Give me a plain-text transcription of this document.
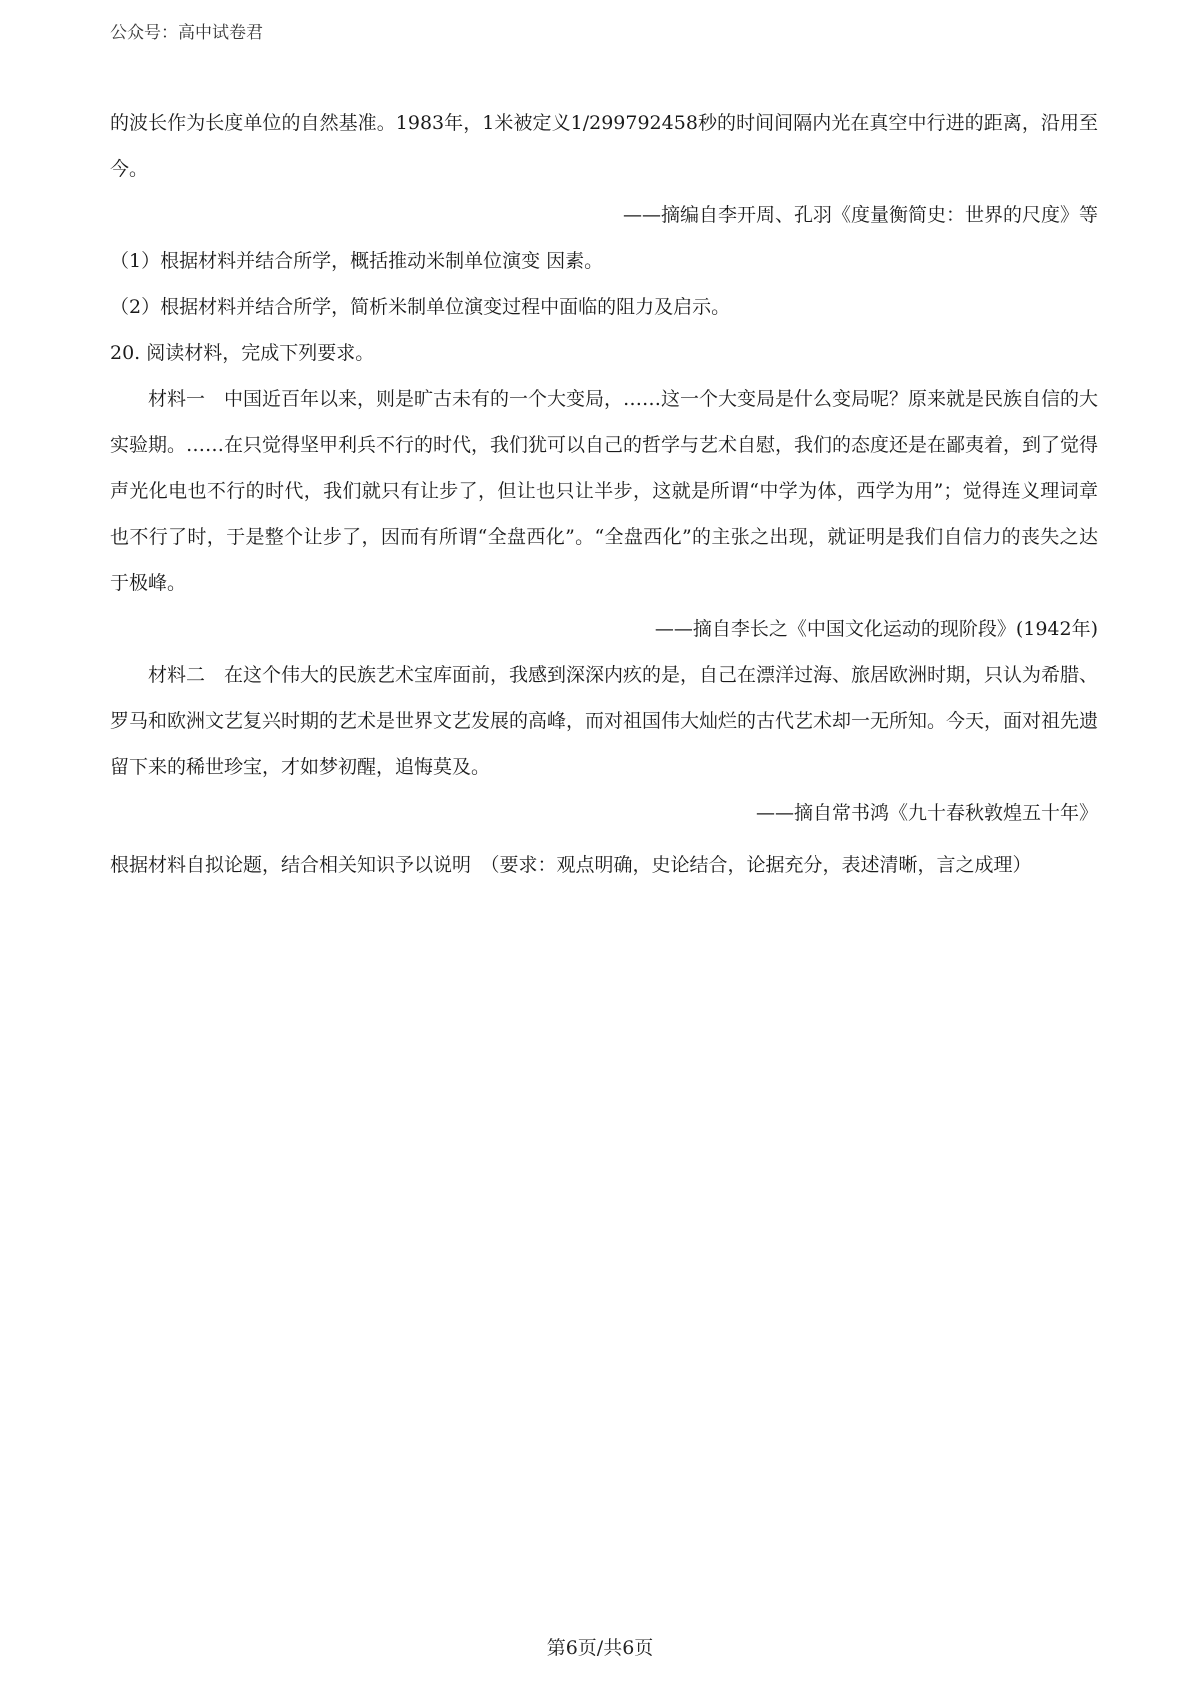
公众号：高中试卷君

的波长作为长度单位的自然基准。1983年，1米被定义1/299792458秒的时间间隔内光在真空中行进的距离，沿用至今。

——摘编自李开周、孔羽《度量衡简史：世界的尺度》等

（1）根据材料并结合所学，概括推动米制单位演变 因素。

（2）根据材料并结合所学，简析米制单位演变过程中面临的阻力及启示。

20. 阅读材料，完成下列要求。

材料一　中国近百年以来，则是旷古未有的一个大变局，……这一个大变局是什么变局呢？原来就是民族自信的大实验期。……在只觉得坚甲利兵不行的时代，我们犹可以自己的哲学与艺术自慰，我们的态度还是在鄙夷着，到了觉得声光化电也不行的时代，我们就只有让步了，但让也只让半步，这就是所谓“中学为体，西学为用”；觉得连义理词章也不行了时，于是整个让步了，因而有所谓“全盘西化”。“全盘西化”的主张之出现，就证明是我们自信力的丧失之达于极峰。

——摘自李长之《中国文化运动的现阶段》(1942年)

材料二　在这个伟大的民族艺术宝库面前，我感到深深内疚的是，自己在漂洋过海、旅居欧洲时期，只认为希腊、罗马和欧洲文艺复兴时期的艺术是世界文艺发展的高峰，而对祖国伟大灿烂的古代艺术却一无所知。今天，面对祖先遗留下来的稀世珍宝，才如梦初醒，追悔莫及。

——摘自常书鸿《九十春秋敦煌五十年》

根据材料自拟论题，结合相关知识予以说明　（要求：观点明确，史论结合，论据充分，表述清晰，言之成理）

第6页/共6页
